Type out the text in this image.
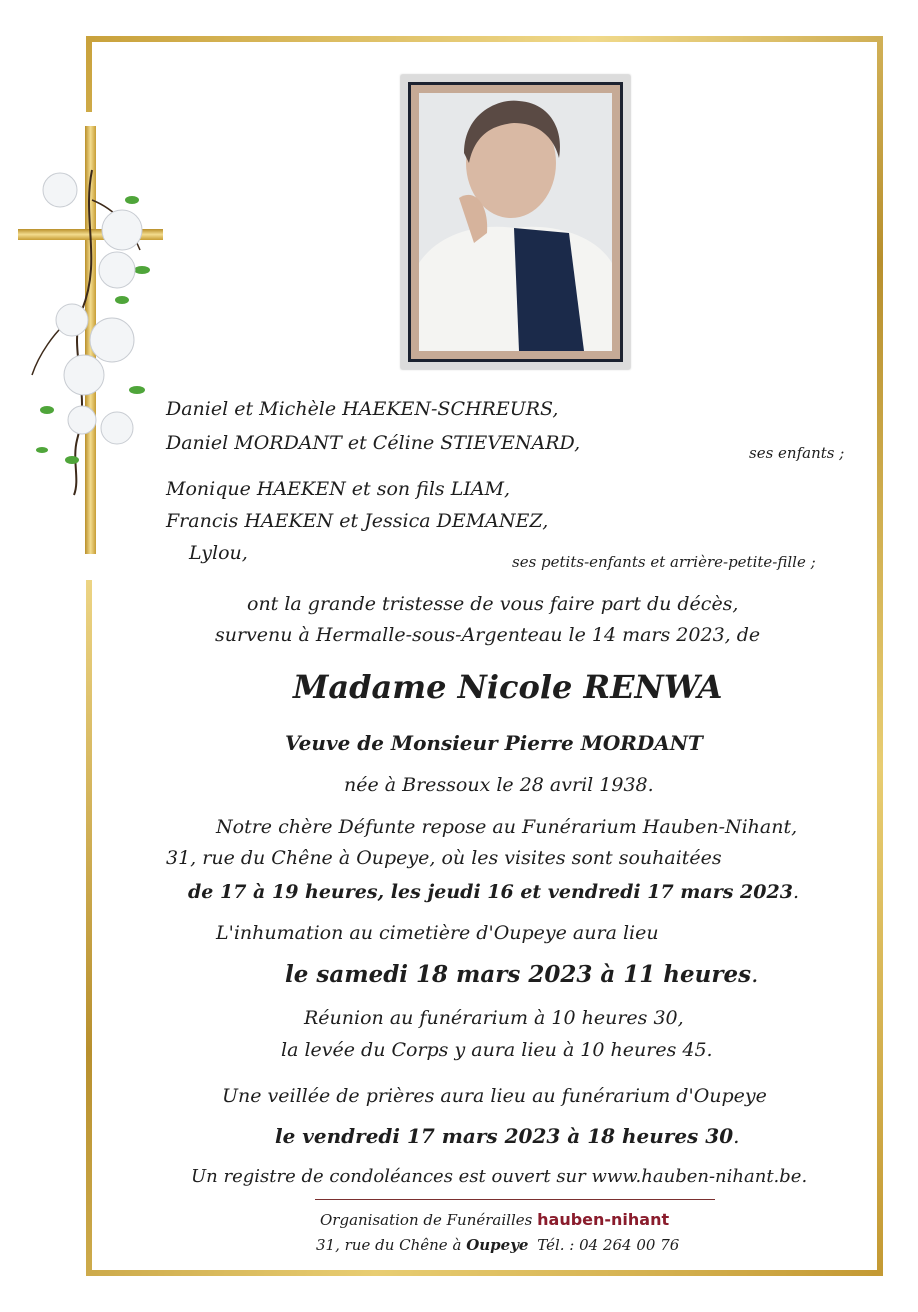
Daniel et Michèle HAEKEN-SCHREURS,
Daniel MORDANT et Céline STIEVENARD,	ses enfants ;
Monique HAEKEN et son fils LIAM,
Francis HAEKEN et Jessica DEMANEZ,
Lylou,	ses petits-enfants et arrière-petite-fille ;
ont la grande tristesse de vous faire part du décès,
survenu à Hermalle-sous-Argenteau le 14 mars 2023, de
Madame Nicole RENWA
Veuve de Monsieur Pierre MORDANT
née à Bressoux le 28 avril 1938.
Notre chère Défunte repose au Funérarium Hauben-Nihant,
31, rue du Chêne à Oupeye, où les visites sont souhaitées
de 17 à 19 heures, les jeudi 16 et vendredi 17 mars 2023.
L'inhumation au cimetière d'Oupeye aura lieu
le samedi 18 mars 2023 à 11 heures.
Réunion au funérarium à 10 heures 30,
la levée du Corps y aura lieu à 10 heures 45.
Une veillée de prières aura lieu au funérarium d'Oupeye
le vendredi 17 mars 2023 à 18 heures 30.
Un registre de condoléances est ouvert sur www.hauben-nihant.be.
Organisation de Funérailles hauben-nihant
31, rue du Chêne à Oupeye Tél. : 04 264 00 76
